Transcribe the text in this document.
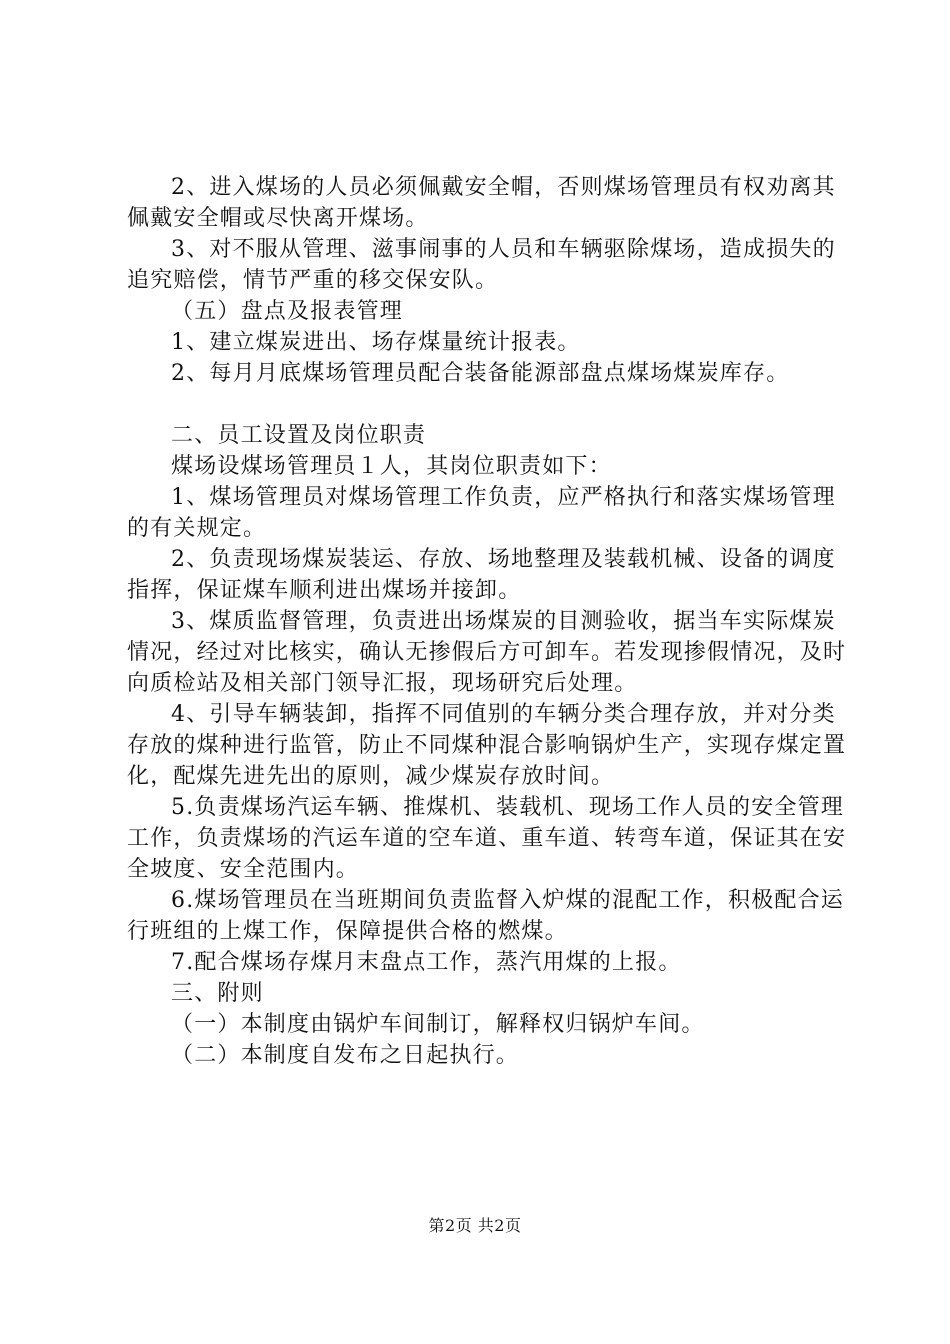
2、进入煤场的人员必须佩戴安全帽，否则煤场管理员有权劝离其佩戴安全帽或尽快离开煤场。

3、对不服从管理、滋事闹事的人员和车辆驱除煤场，造成损失的追究赔偿，情节严重的移交保安队。

（五）盘点及报表管理

1、建立煤炭进出、场存煤量统计报表。

2、每月月底煤场管理员配合装备能源部盘点煤场煤炭库存。

二、员工设置及岗位职责

煤场设煤场管理员１人，其岗位职责如下：

1、煤场管理员对煤场管理工作负责，应严格执行和落实煤场管理的有关规定。

2、负责现场煤炭装运、存放、场地整理及装载机械、设备的调度指挥，保证煤车顺利进出煤场并接卸。

3、煤质监督管理，负责进出场煤炭的目测验收，据当车实际煤炭情况，经过对比核实，确认无掺假后方可卸车。若发现掺假情况，及时向质检站及相关部门领导汇报，现场研究后处理。

4、引导车辆装卸，指挥不同值别的车辆分类合理存放，并对分类存放的煤种进行监管，防止不同煤种混合影响锅炉生产，实现存煤定置化，配煤先进先出的原则，减少煤炭存放时间。

5.负责煤场汽运车辆、推煤机、装载机、现场工作人员的安全管理工作，负责煤场的汽运车道的空车道、重车道、转弯车道，保证其在安全坡度、安全范围内。

6.煤场管理员在当班期间负责监督入炉煤的混配工作，积极配合运行班组的上煤工作，保障提供合格的燃煤。

7.配合煤场存煤月末盘点工作，蒸汽用煤的上报。

三、附则

（一）本制度由锅炉车间制订，解释权归锅炉车间。

（二）本制度自发布之日起执行。

第2页 共2页
